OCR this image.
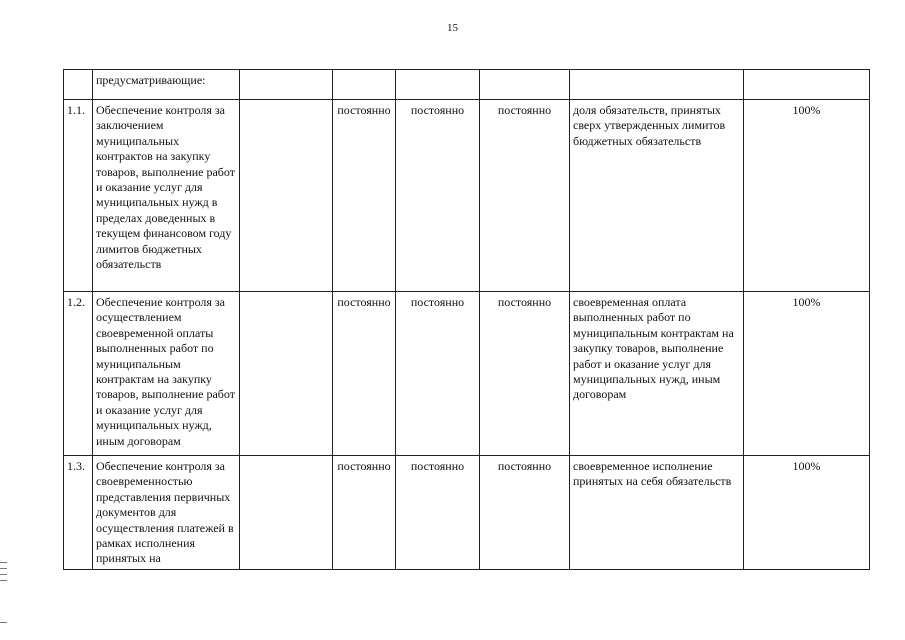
15
	предусматривающие:						
1.1.	Обеспечение контроля за заключением муниципальных контрактов на закупку товаров, выполнение работ и оказание услуг для муниципальных нужд в пределах доведенных в текущем финансовом году лимитов бюджетных обязательств		постоянно	постоянно	постоянно	доля обязательств, принятых сверх утвержденных лимитов бюджетных обязательств	100%
1.2.	Обеспечение контроля за осуществлением своевременной оплаты выполненных работ по муниципальным контрактам на закупку товаров, выполнение работ и оказание услуг для муниципальных нужд, иным договорам		постоянно	постоянно	постоянно	своевременная оплата выполненных работ по муниципальным контрактам на закупку товаров, выполнение работ и оказание услуг для муниципальных нужд, иным договорам	100%
1.3.	Обеспечение контроля за своевременностью представления первичных документов для осуществления платежей в рамках исполнения принятых на		постоянно	постоянно	постоянно	своевременное исполнение принятых на себя обязательств	100%
